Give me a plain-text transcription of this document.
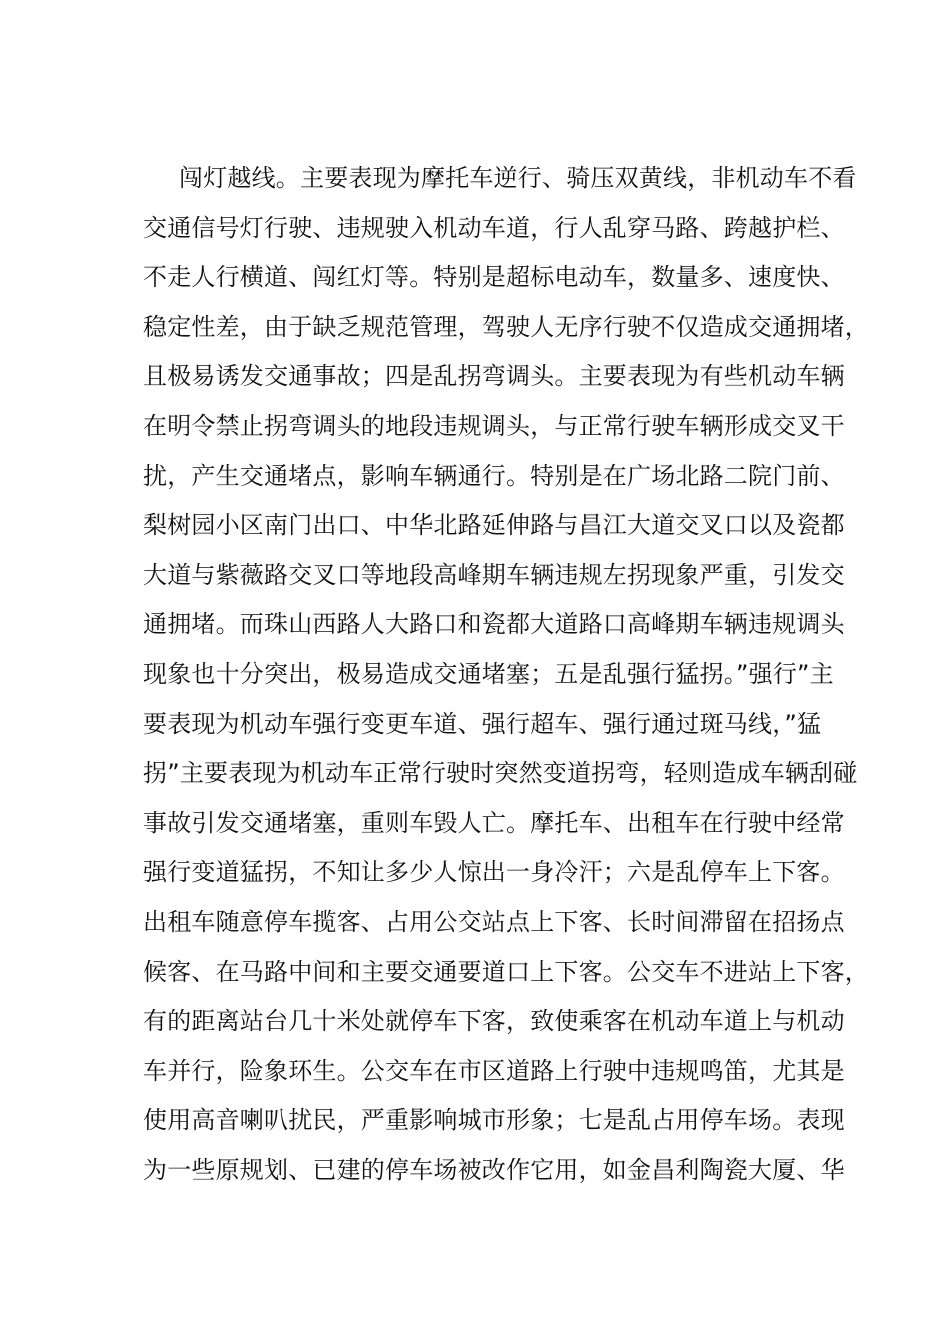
闯灯越线。主要表现为摩托车逆行、骑压双黄线，非机动车不看
交通信号灯行驶、违规驶入机动车道，行人乱穿马路、跨越护栏、
不走人行横道、闯红灯等。特别是超标电动车，数量多、速度快、
稳定性差，由于缺乏规范管理，驾驶人无序行驶不仅造成交通拥堵，
且极易诱发交通事故；四是乱拐弯调头。主要表现为有些机动车辆
在明令禁止拐弯调头的地段违规调头，与正常行驶车辆形成交叉干
扰，产生交通堵点，影响车辆通行。特别是在广场北路二院门前、
梨树园小区南门出口、中华北路延伸路与昌江大道交叉口以及瓷都
大道与紫薇路交叉口等地段高峰期车辆违规左拐现象严重，引发交
通拥堵。而珠山西路人大路口和瓷都大道路口高峰期车辆违规调头
现象也十分突出，极易造成交通堵塞；五是乱强行猛拐。”强行”主
要表现为机动车强行变更车道、强行超车、强行通过斑马线，”猛
拐”主要表现为机动车正常行驶时突然变道拐弯，轻则造成车辆刮碰
事故引发交通堵塞，重则车毁人亡。摩托车、出租车在行驶中经常
强行变道猛拐，不知让多少人惊出一身冷汗；六是乱停车上下客。
出租车随意停车揽客、占用公交站点上下客、长时间滞留在招扬点
候客、在马路中间和主要交通要道口上下客。公交车不进站上下客，
有的距离站台几十米处就停车下客，致使乘客在机动车道上与机动
车并行，险象环生。公交车在市区道路上行驶中违规鸣笛，尤其是
使用高音喇叭扰民，严重影响城市形象；七是乱占用停车场。表现
为一些原规划、已建的停车场被改作它用，如金昌利陶瓷大厦、华
